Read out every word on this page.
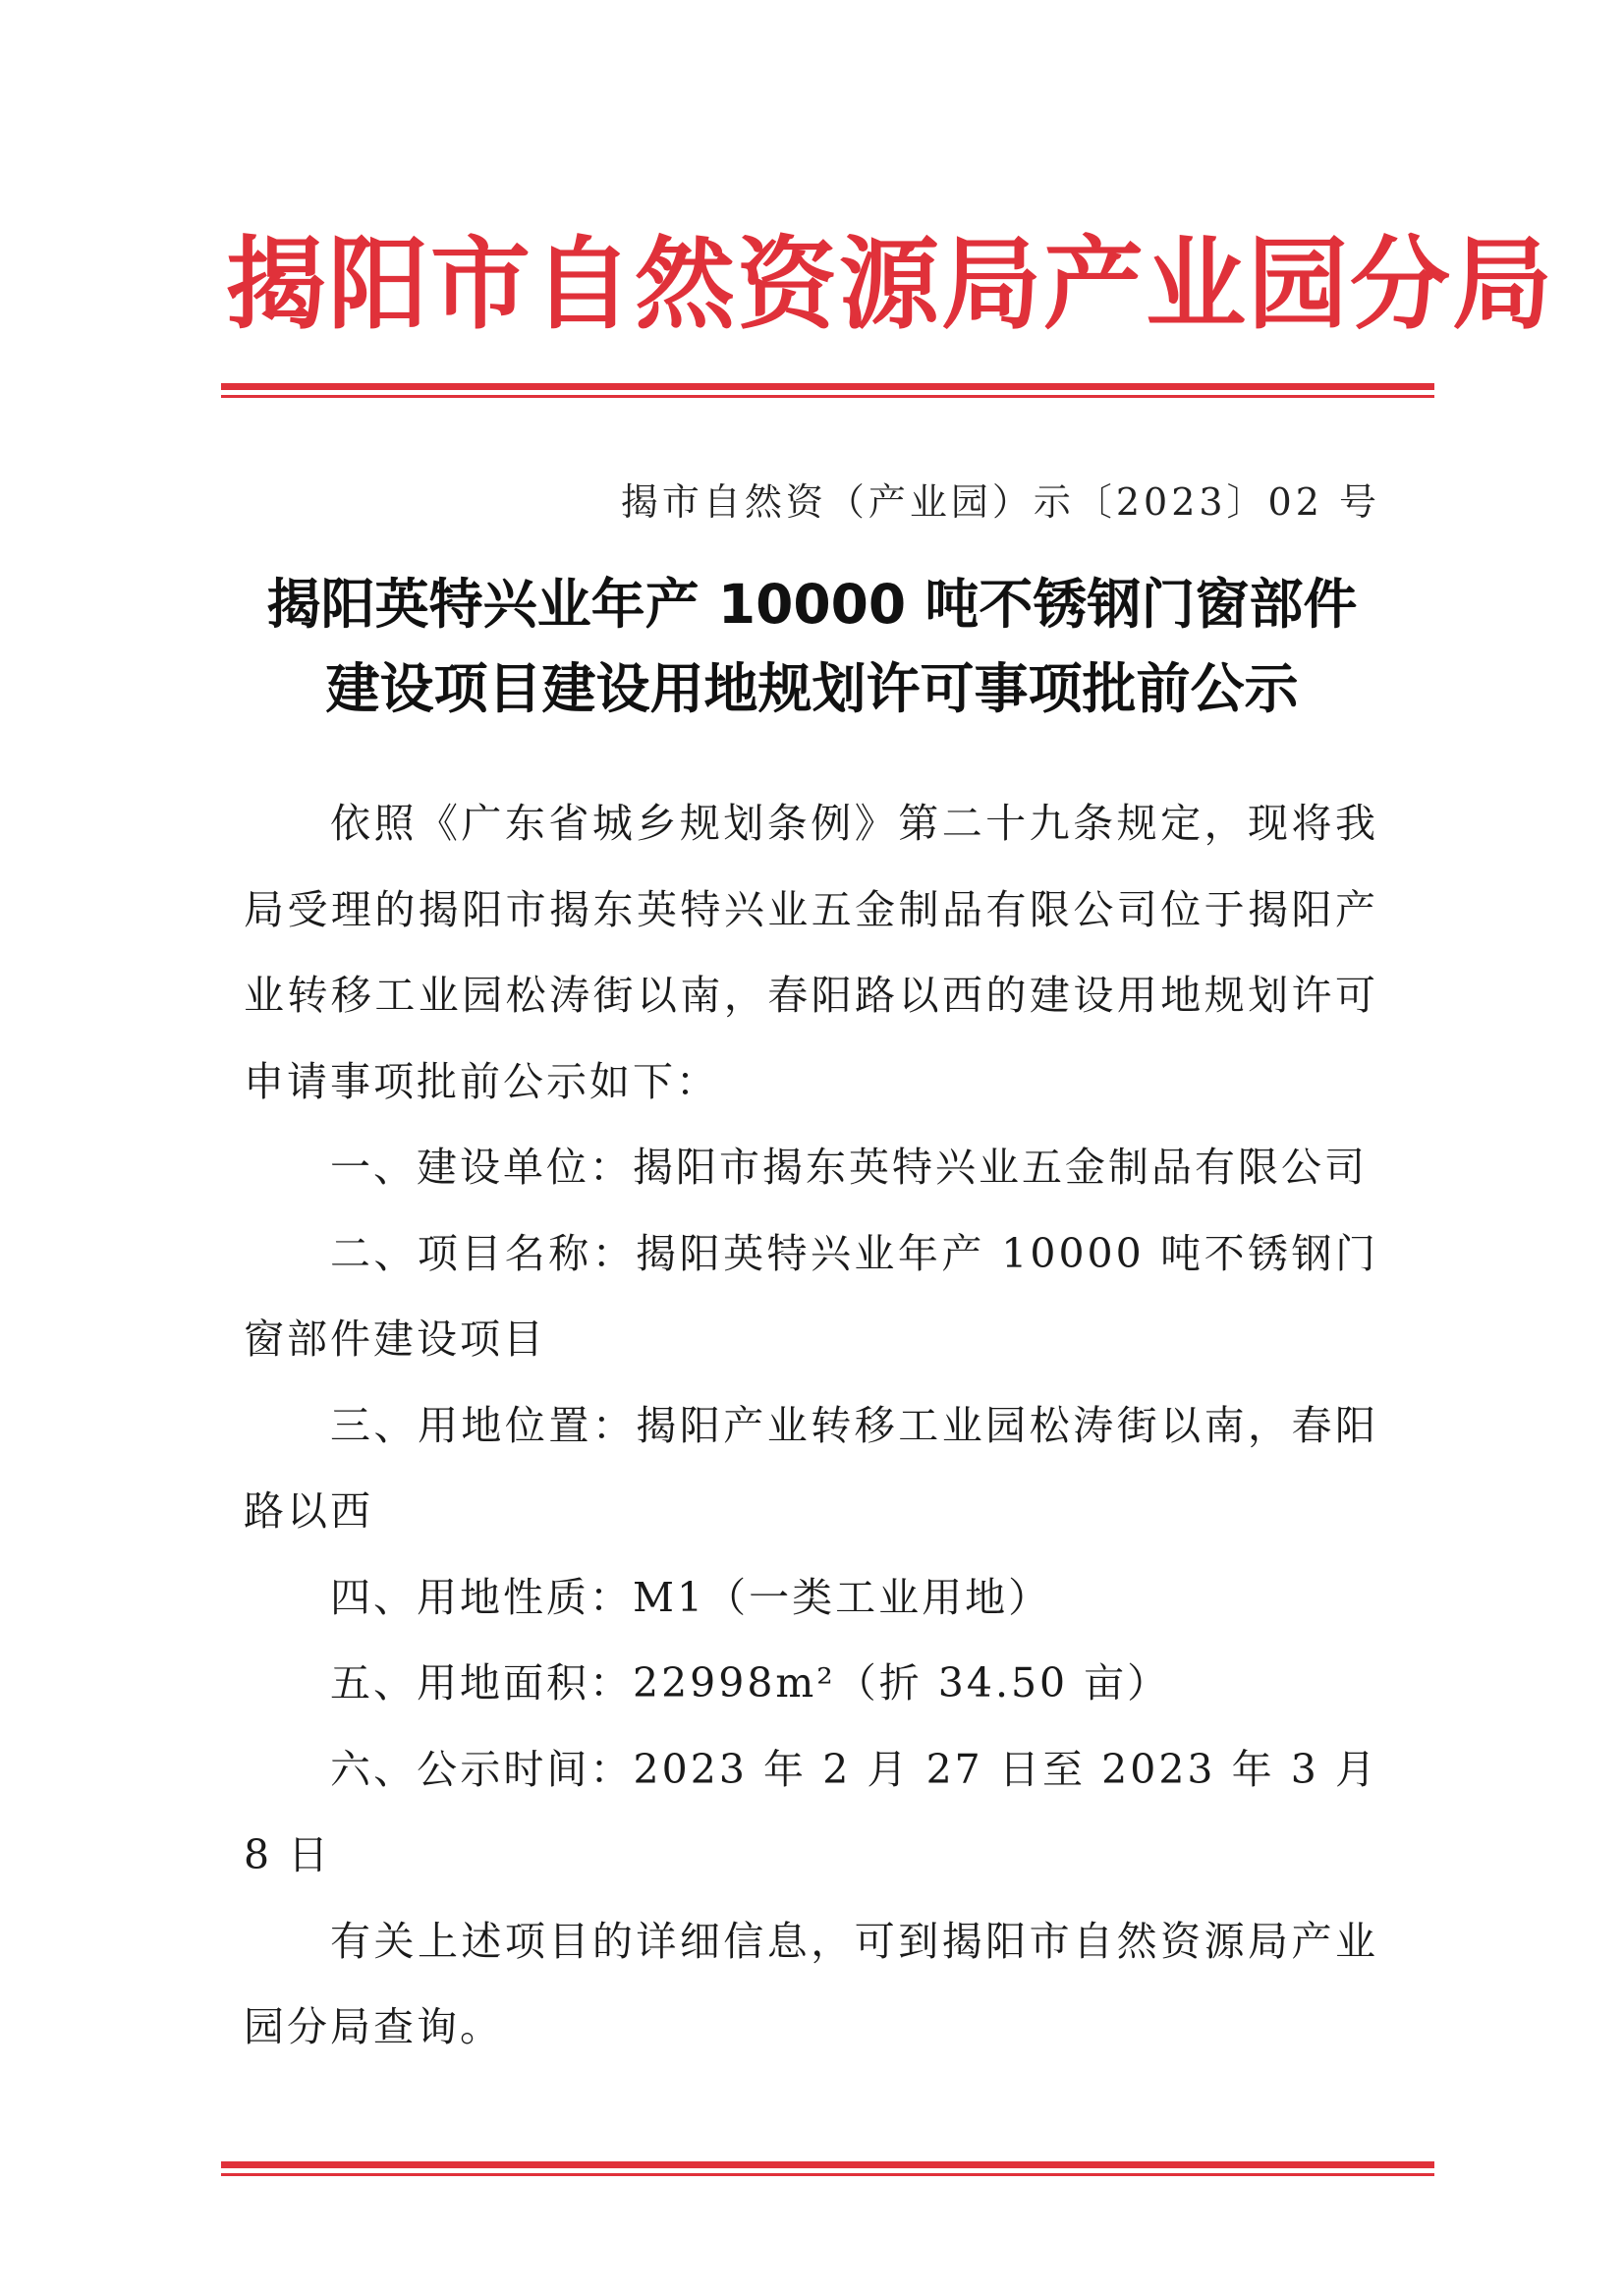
揭阳市自然资源局产业园分局
揭市自然资（产业园）示〔2023〕02 号
揭阳英特兴业年产 10000 吨不锈钢门窗部件
建设项目建设用地规划许可事项批前公示

依照《广东省城乡规划条例》第二十九条规定，现将我局受理的揭阳市揭东英特兴业五金制品有限公司位于揭阳产业转移工业园松涛街以南，春阳路以西的建设用地规划许可申请事项批前公示如下：

一、建设单位：揭阳市揭东英特兴业五金制品有限公司

二、项目名称：揭阳英特兴业年产 10000 吨不锈钢门窗部件建设项目

三、用地位置：揭阳产业转移工业园松涛街以南，春阳路以西

四、用地性质：M1（一类工业用地）

五、用地面积：22998m²（折 34.50 亩）

六、公示时间：2023 年 2 月 27 日至 2023 年 3 月 8 日

有关上述项目的详细信息，可到揭阳市自然资源局产业园分局查询。
